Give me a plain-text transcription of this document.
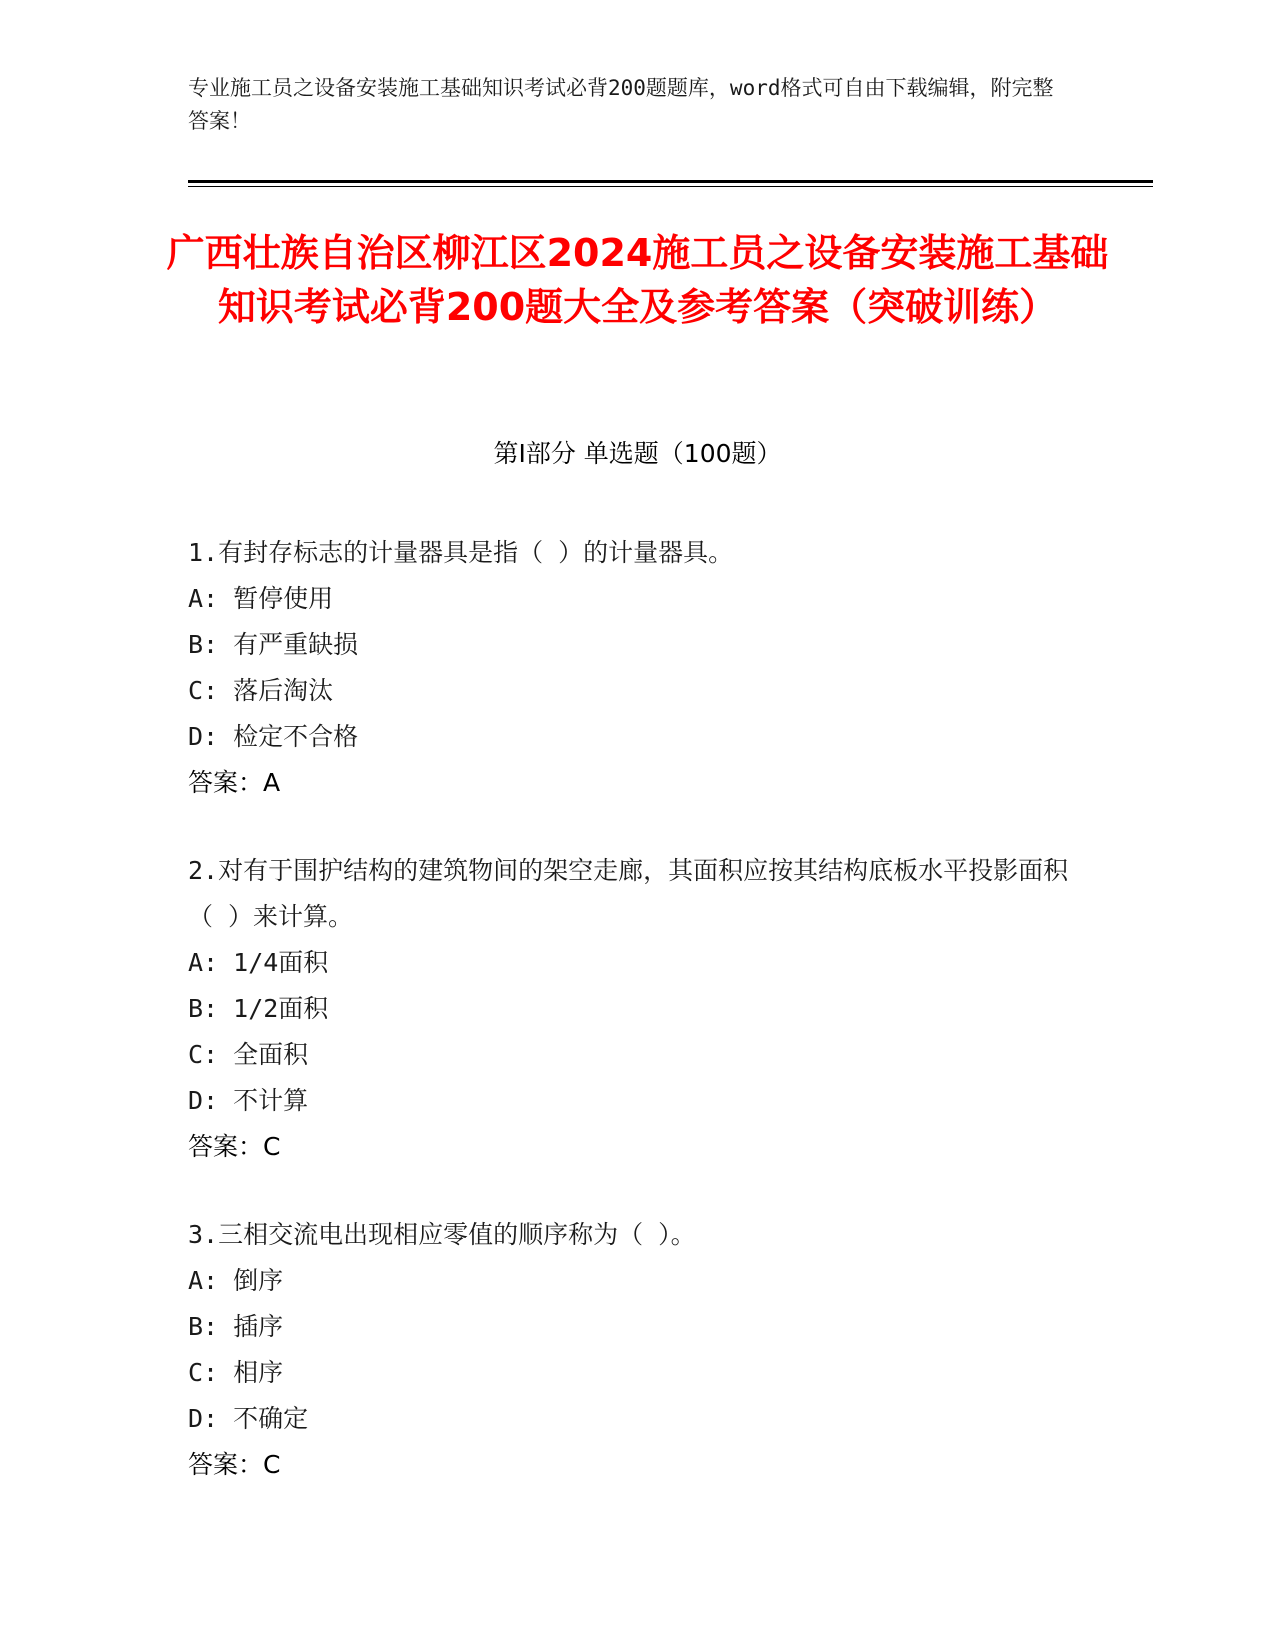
专业施工员之设备安装施工基础知识考试必背200题题库，word格式可自由下载编辑，附完整答案！
广西壮族自治区柳江区2024施工员之设备安装施工基础知识考试必背200题大全及参考答案（突破训练）
第Ⅰ部分 单选题（100题）
1.有封存标志的计量器具是指（ ）的计量器具。
A: 暂停使用
B: 有严重缺损
C: 落后淘汰
D: 检定不合格
答案：A
2.对有于围护结构的建筑物间的架空走廊，其面积应按其结构底板水平投影面积（ ）来计算。
A: 1/4面积
B: 1/2面积
C: 全面积
D: 不计算
答案：C
3.三相交流电出现相应零值的顺序称为（ ）。
A: 倒序
B: 插序
C: 相序
D: 不确定
答案：C
